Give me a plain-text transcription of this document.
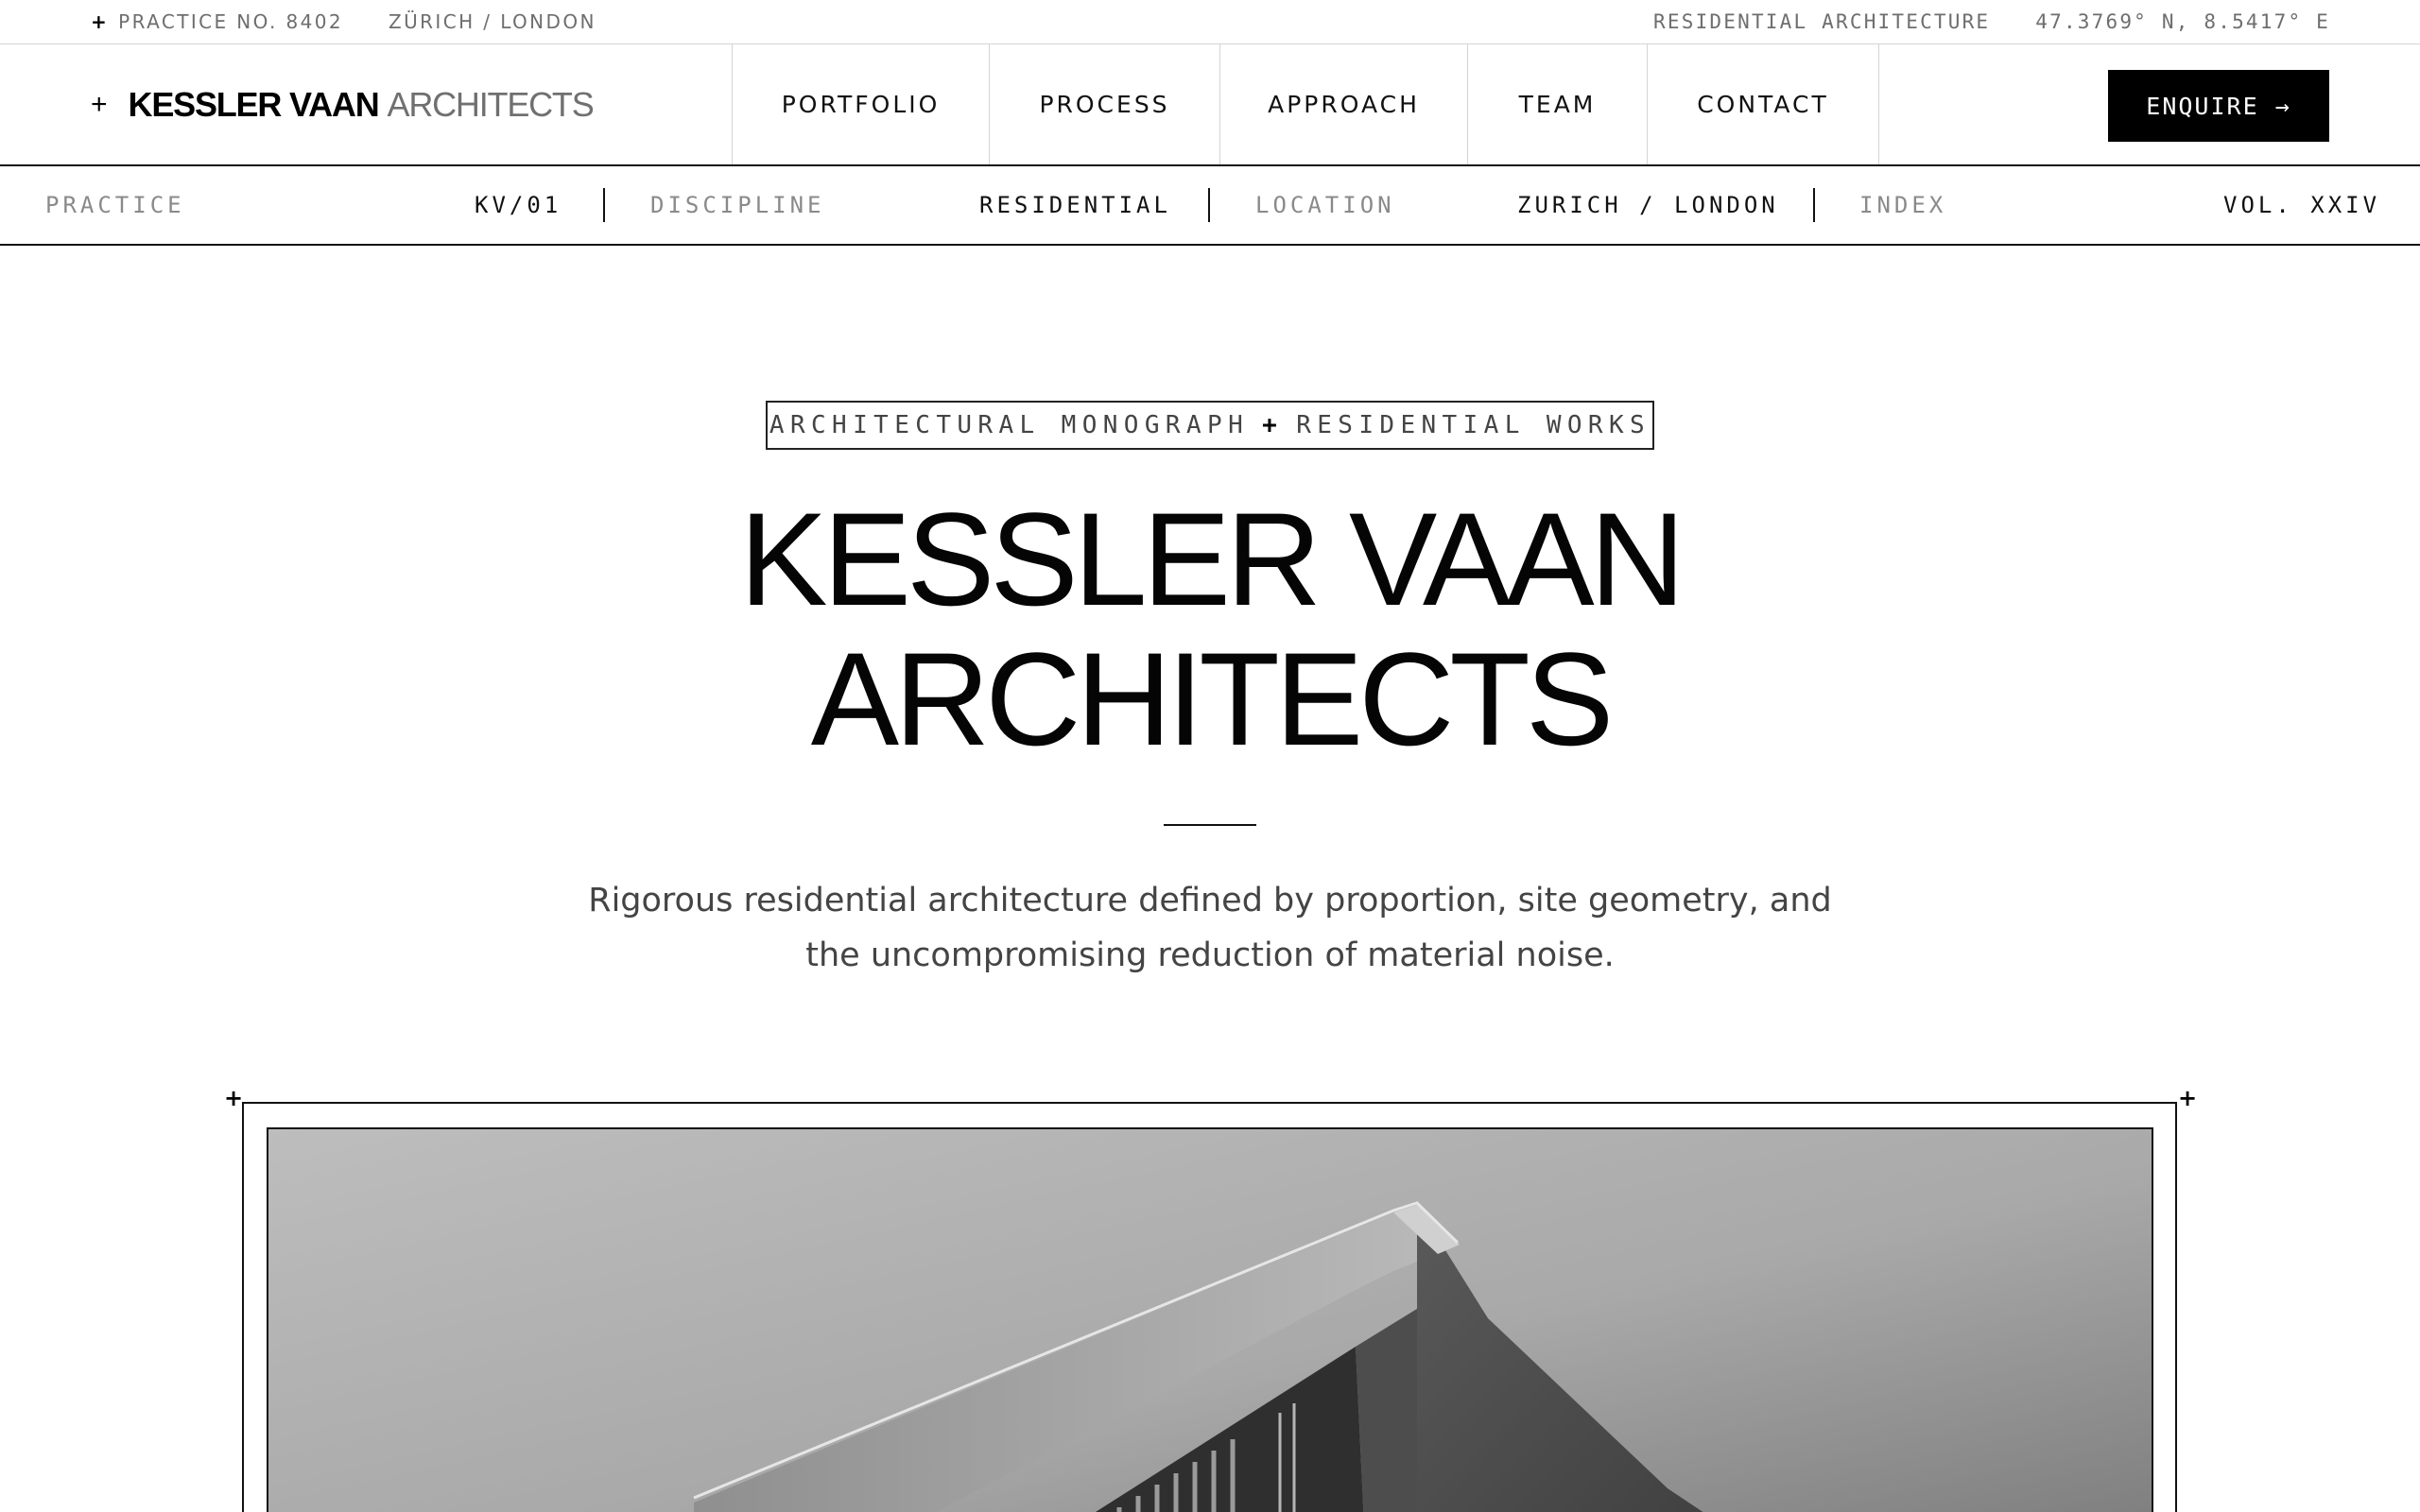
+ PRACTICE NO. 8402 ZÜRICH / LONDON	RESIDENTIAL ARCHITECTURE 47.3769° N, 8.5417° E
+ KESSLER VAAN ARCHITECTS	PORTFOLIO	PROCESS	APPROACH	TEAM	CONTACT	ENQUIRE →
PRACTICE	KV/01	DISCIPLINE	RESIDENTIAL	LOCATION	ZURICH / LONDON	INDEX	VOL. XXIV
ARCHITECTURAL MONOGRAPH + RESIDENTIAL WORKS
KESSLER VAAN
ARCHITECTS

Rigorous residential architecture defined by proportion, site geometry, and
the uncompromising reduction of material noise.

+	+
